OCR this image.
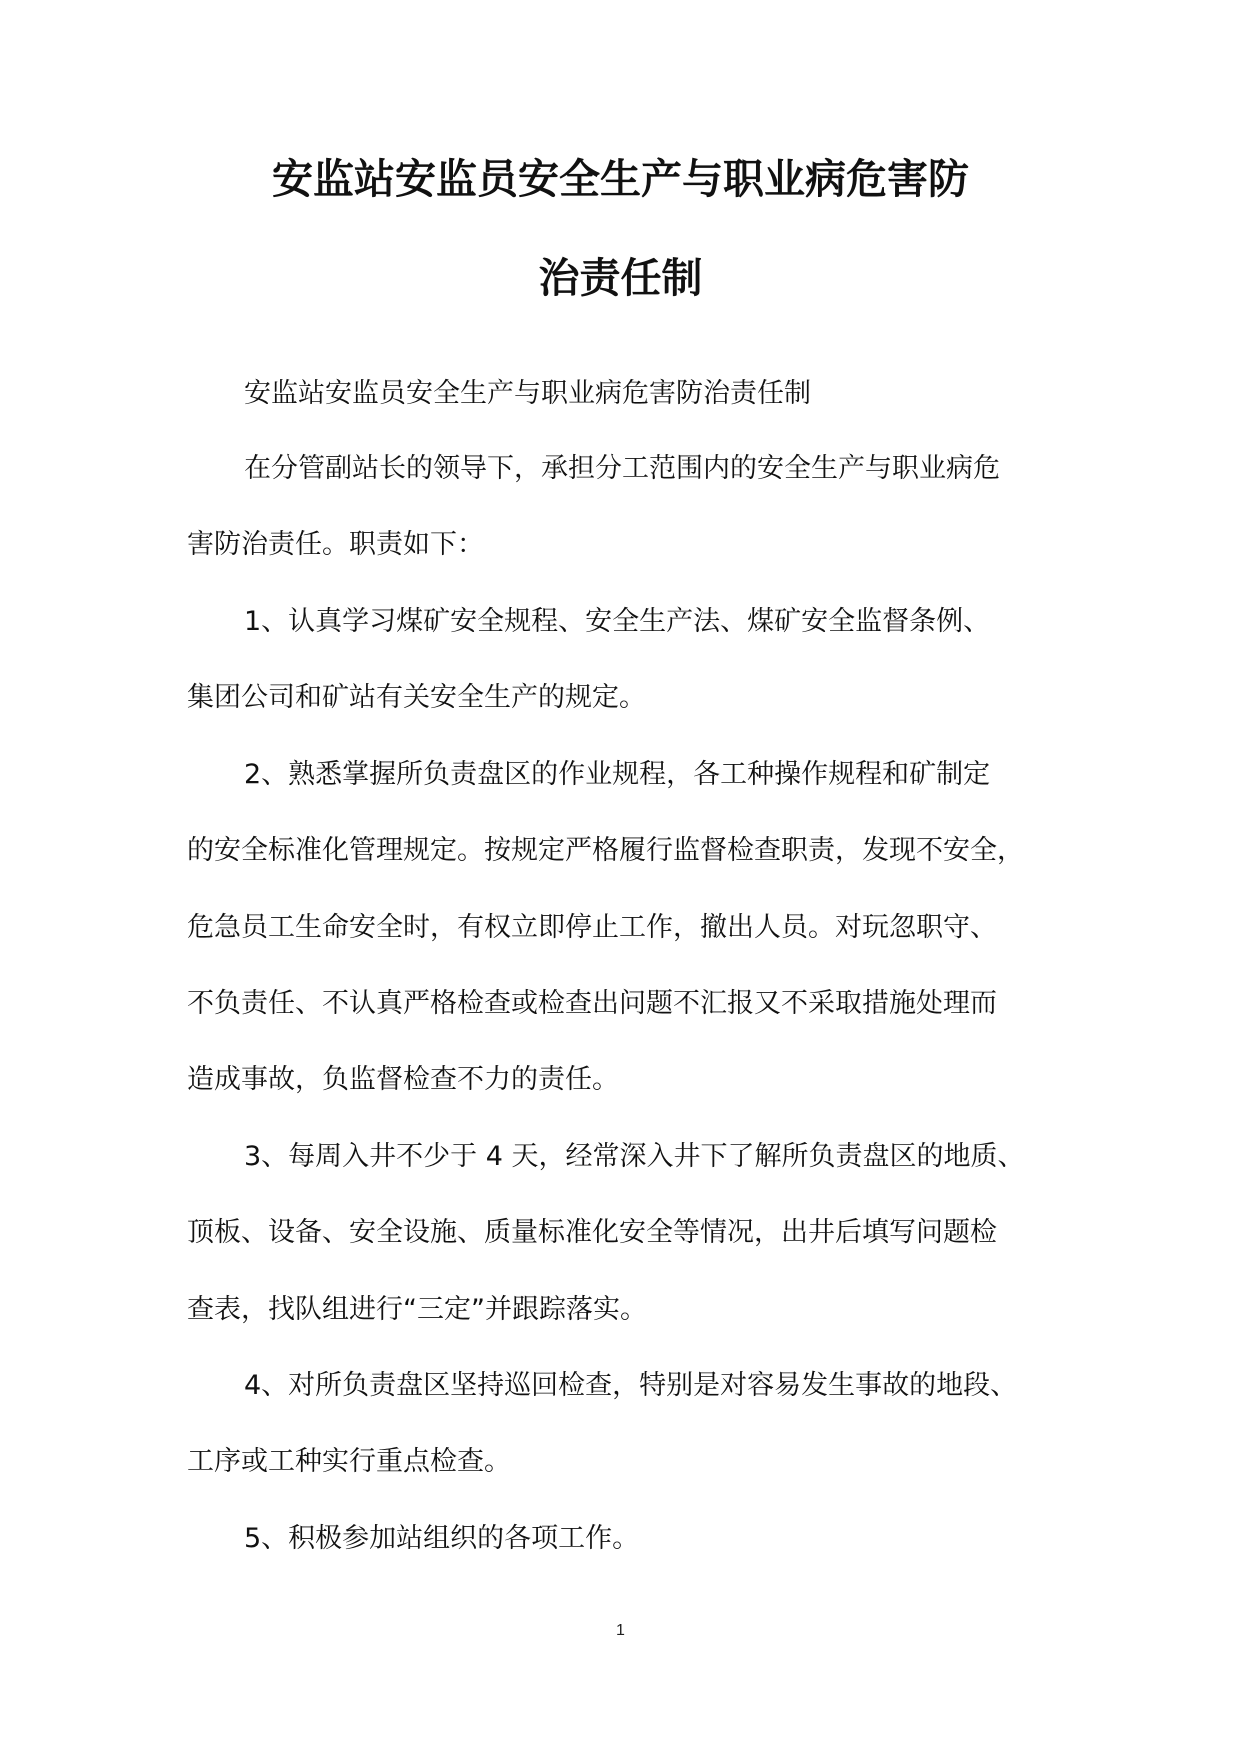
安监站安监员安全生产与职业病危害防
治责任制
安监站安监员安全生产与职业病危害防治责任制
在分管副站长的领导下，承担分工范围内的安全生产与职业病危
害防治责任。职责如下：
1、认真学习煤矿安全规程、安全生产法、煤矿安全监督条例、
集团公司和矿站有关安全生产的规定。
2、熟悉掌握所负责盘区的作业规程，各工种操作规程和矿制定
的安全标准化管理规定。按规定严格履行监督检查职责，发现不安全，
危急员工生命安全时，有权立即停止工作，撤出人员。对玩忽职守、
不负责任、不认真严格检查或检查出问题不汇报又不采取措施处理而
造成事故，负监督检查不力的责任。
3、每周入井不少于 4 天，经常深入井下了解所负责盘区的地质、
顶板、设备、安全设施、质量标准化安全等情况，出井后填写问题检
查表，找队组进行“三定”并跟踪落实。
4、对所负责盘区坚持巡回检查，特别是对容易发生事故的地段、
工序或工种实行重点检查。
5、积极参加站组织的各项工作。
1
